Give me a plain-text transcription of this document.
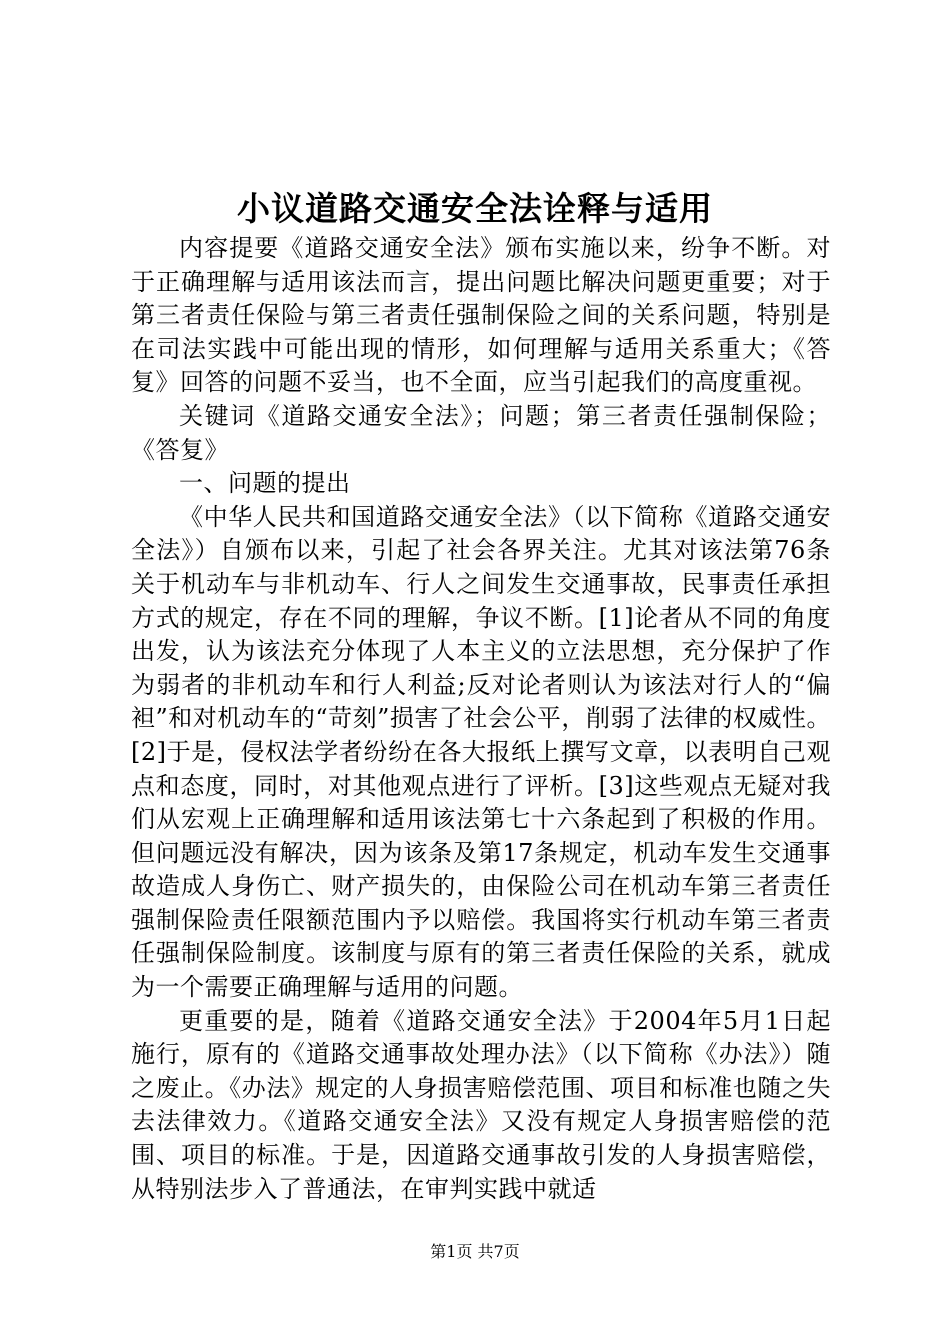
小议道路交通安全法诠释与适用

内容提要《道路交通安全法》颁布实施以来，纷争不断。对于正确理解与适用该法而言，提出问题比解决问题更重要；对于第三者责任保险与第三者责任强制保险之间的关系问题，特别是在司法实践中可能出现的情形，如何理解与适用关系重大；《答复》回答的问题不妥当，也不全面，应当引起我们的高度重视。

关键词《道路交通安全法》；问题；第三者责任强制保险；《答复》

一、问题的提出

《中华人民共和国道路交通安全法》（以下简称《道路交通安全法》）自颁布以来，引起了社会各界关注。尤其对该法第76条关于机动车与非机动车、行人之间发生交通事故，民事责任承担方式的规定，存在不同的理解，争议不断。[1]论者从不同的角度出发，认为该法充分体现了人本主义的立法思想，充分保护了作为弱者的非机动车和行人利益;反对论者则认为该法对行人的“偏袒”和对机动车的“苛刻”损害了社会公平，削弱了法律的权威性。[2]于是，侵权法学者纷纷在各大报纸上撰写文章，以表明自己观点和态度，同时，对其他观点进行了评析。[3]这些观点无疑对我们从宏观上正确理解和适用该法第七十六条起到了积极的作用。但问题远没有解决，因为该条及第17条规定，机动车发生交通事故造成人身伤亡、财产损失的，由保险公司在机动车第三者责任强制保险责任限额范围内予以赔偿。我国将实行机动车第三者责任强制保险制度。该制度与原有的第三者责任保险的关系，就成为一个需要正确理解与适用的问题。

更重要的是，随着《道路交通安全法》于2004年5月1日起施行，原有的《道路交通事故处理办法》（以下简称《办法》）随之废止。《办法》规定的人身损害赔偿范围、项目和标准也随之失去法律效力。《道路交通安全法》又没有规定人身损害赔偿的范围、项目的标准。于是，因道路交通事故引发的人身损害赔偿，从特别法步入了普通法，在审判实践中就适

第1页 共7页
